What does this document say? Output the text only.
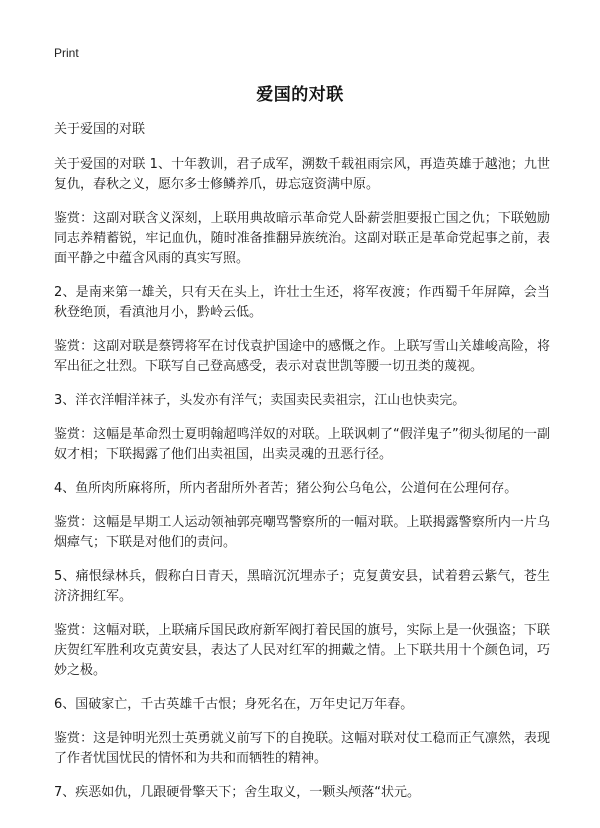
Print
爱国的对联

关于爱国的对联

关于爱国的对联 1、十年教训，君子成军，溯数千载祖雨宗风，再造英雄于越池；九世复仇，春秋之义，愿尔多士修鳞养爪，毋忘寇资满中原。

鉴赏：这副对联含义深刻，上联用典故暗示革命党人卧薪尝胆要报亡国之仇；下联勉励同志养精蓄锐，牢记血仇，随时准备推翻异族统治。这副对联正是革命党起事之前，表面平静之中蕴含风雨的真实写照。

2、是南来第一雄关，只有天在头上，许壮士生还，将军夜渡；作西蜀千年屏障，会当秋登绝顶，看滇池月小，黔岭云低。

鉴赏：这副对联是蔡锷将军在讨伐袁护国途中的感慨之作。上联写雪山关雄峻高险，将军出征之壮烈。下联写自己登高感受，表示对袁世凯等腰一切丑类的蔑视。

3、洋衣洋帽洋袜子，头发亦有洋气；卖国卖民卖祖宗，江山也快卖完。

鉴赏：这幅是革命烈士夏明翰超鸣洋奴的对联。上联讽刺了“假洋鬼子”彻头彻尾的一副奴才相；下联揭露了他们出卖祖国，出卖灵魂的丑恶行径。

4、鱼所肉所麻将所，所内者甜所外者苦；猪公狗公乌龟公，公道何在公理何存。

鉴赏：这幅是早期工人运动领袖郭亮嘲骂警察所的一幅对联。上联揭露警察所内一片乌烟瘴气；下联是对他们的责问。

5、痛恨绿林兵，假称白日青天，黑暗沉沉埋赤子；克复黄安县，试着碧云紫气，苍生济济拥红军。

鉴赏：这幅对联，上联痛斥国民政府新军阀打着民国的旗号，实际上是一伙强盗；下联庆贺红军胜利攻克黄安县，表达了人民对红军的拥戴之情。上下联共用十个颜色词，巧妙之极。

6、国破家亡，千古英雄千古恨；身死名在，万年史记万年春。

鉴赏：这是钟明光烈士英勇就义前写下的自挽联。这幅对联对仗工稳而正气凛然，表现了作者忧国忧民的情怀和为共和而牺牲的精神。

7、疾恶如仇，几跟硬骨擎天下；舍生取义，一颗头颅落“状元。
